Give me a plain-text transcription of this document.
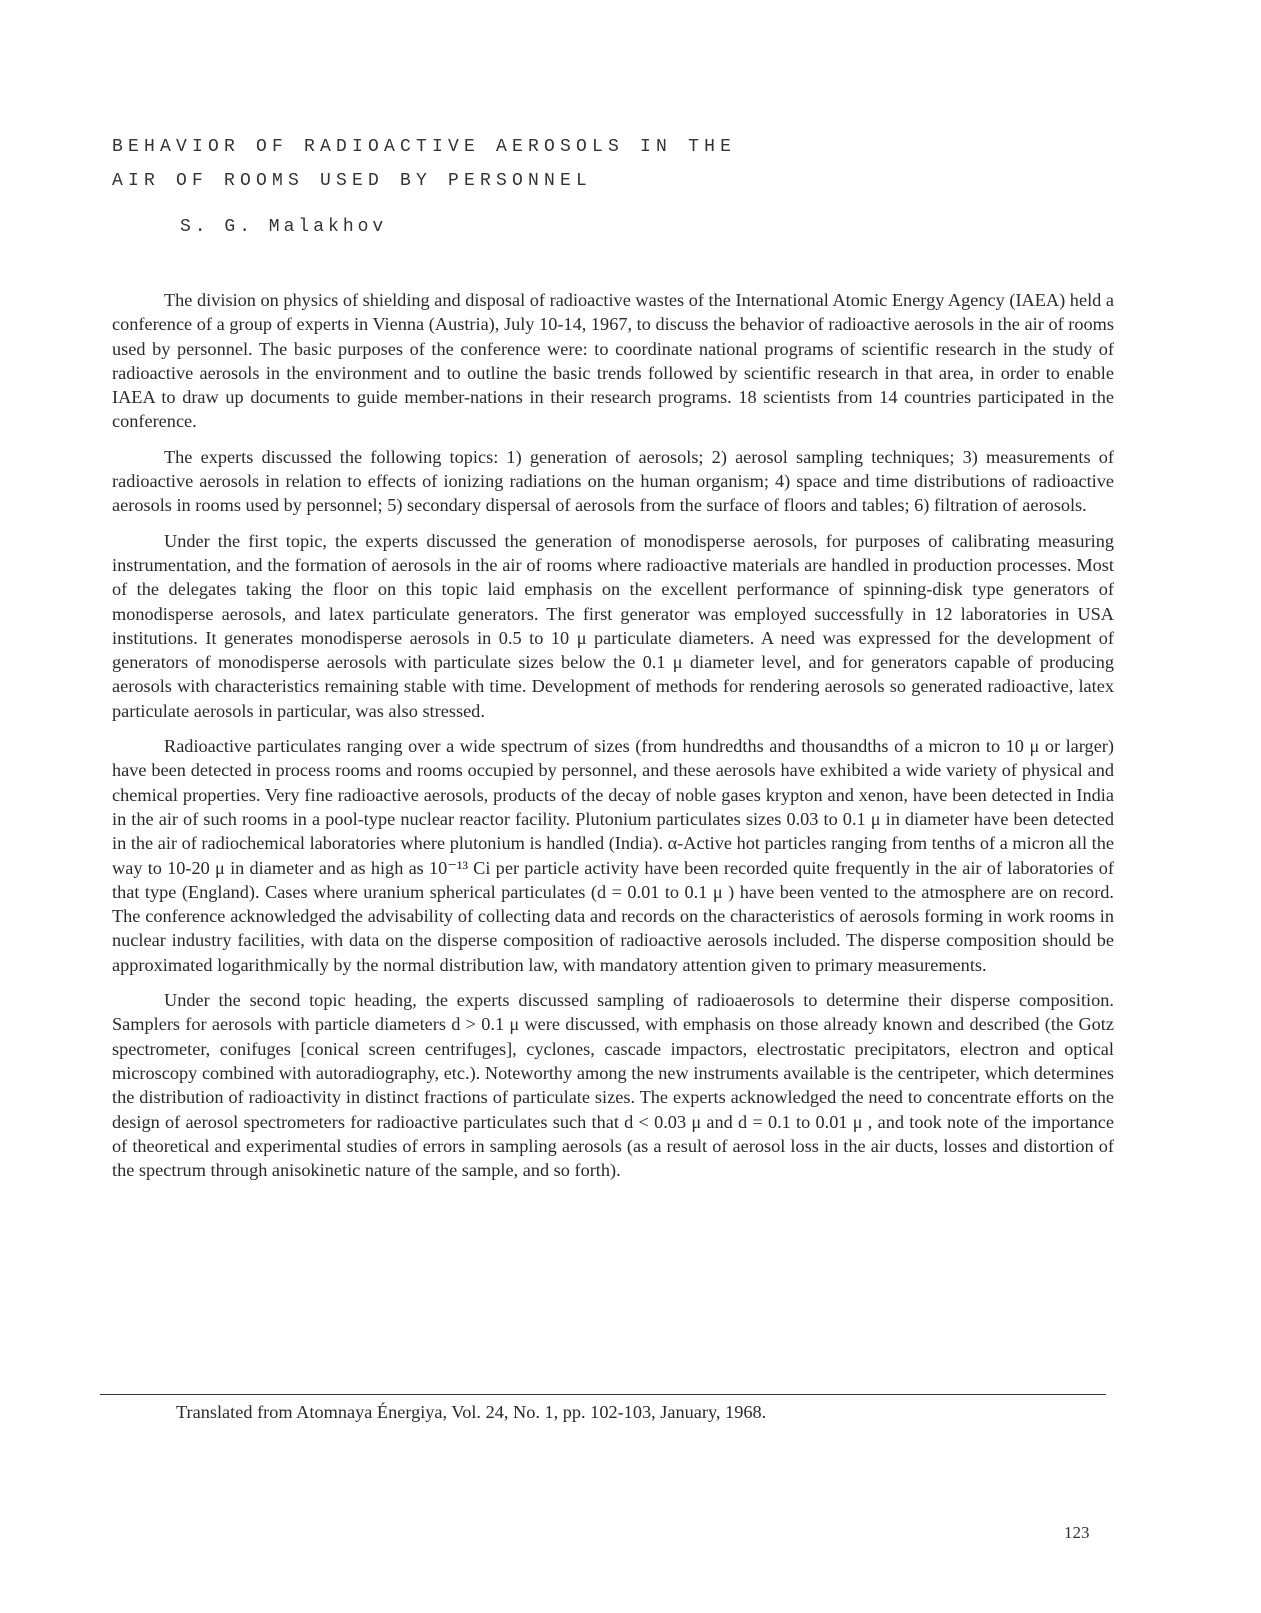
BEHAVIOR OF RADIOACTIVE AEROSOLS IN THE
AIR OF ROOMS USED BY PERSONNEL
S. G. Malakhov

The division on physics of shielding and disposal of radioactive wastes of the International Atomic Energy Agency (IAEA) held a conference of a group of experts in Vienna (Austria), July 10-14, 1967, to discuss the behavior of radioactive aerosols in the air of rooms used by personnel. The basic purposes of the conference were: to coordinate national programs of scientific research in the study of radioactive aerosols in the environment and to outline the basic trends followed by scientific research in that area, in order to enable IAEA to draw up documents to guide member-nations in their research programs. 18 scientists from 14 countries participated in the conference.

The experts discussed the following topics: 1) generation of aerosols; 2) aerosol sampling techniques; 3) measurements of radioactive aerosols in relation to effects of ionizing radiations on the human organism; 4) space and time distributions of radioactive aerosols in rooms used by personnel; 5) secondary dispersal of aerosols from the surface of floors and tables; 6) filtration of aerosols.

Under the first topic, the experts discussed the generation of monodisperse aerosols, for purposes of calibrating measuring instrumentation, and the formation of aerosols in the air of rooms where radioactive materials are handled in production processes. Most of the delegates taking the floor on this topic laid emphasis on the excellent performance of spinning-disk type generators of monodisperse aerosols, and latex particulate generators. The first generator was employed successfully in 12 laboratories in USA institutions. It generates monodisperse aerosols in 0.5 to 10 μ particulate diameters. A need was expressed for the development of generators of monodisperse aerosols with particulate sizes below the 0.1 μ diameter level, and for generators capable of producing aerosols with characteristics remaining stable with time. Development of methods for rendering aerosols so generated radioactive, latex particulate aerosols in particular, was also stressed.

Radioactive particulates ranging over a wide spectrum of sizes (from hundredths and thousandths of a micron to 10 μ or larger) have been detected in process rooms and rooms occupied by personnel, and these aerosols have exhibited a wide variety of physical and chemical properties. Very fine radioactive aerosols, products of the decay of noble gases krypton and xenon, have been detected in India in the air of such rooms in a pool-type nuclear reactor facility. Plutonium particulates sizes 0.03 to 0.1 μ in diameter have been detected in the air of radiochemical laboratories where plutonium is handled (India). α-Active hot particles ranging from tenths of a micron all the way to 10-20 μ in diameter and as high as 10⁻¹³ Ci per particle activity have been recorded quite frequently in the air of laboratories of that type (England). Cases where uranium spherical particulates (d = 0.01 to 0.1 μ ) have been vented to the atmosphere are on record. The conference acknowledged the advisability of collecting data and records on the characteristics of aerosols forming in work rooms in nuclear industry facilities, with data on the disperse composition of radioactive aerosols included. The disperse composition should be approximated logarithmically by the normal distribution law, with mandatory attention given to primary measurements.

Under the second topic heading, the experts discussed sampling of radioaerosols to determine their disperse composition. Samplers for aerosols with particle diameters d > 0.1 μ were discussed, with emphasis on those already known and described (the Gotz spectrometer, conifuges [conical screen centrifuges], cyclones, cascade impactors, electrostatic precipitators, electron and optical microscopy combined with autoradiography, etc.). Noteworthy among the new instruments available is the centripeter, which determines the distribution of radioactivity in distinct fractions of particulate sizes. The experts acknowledged the need to concentrate efforts on the design of aerosol spectrometers for radioactive particulates such that d < 0.03 μ and d = 0.1 to 0.01 μ , and took note of the importance of theoretical and experimental studies of errors in sampling aerosols (as a result of aerosol loss in the air ducts, losses and distortion of the spectrum through anisokinetic nature of the sample, and so forth).

Translated from Atomnaya Énergiya, Vol. 24, No. 1, pp. 102-103, January, 1968.
123
